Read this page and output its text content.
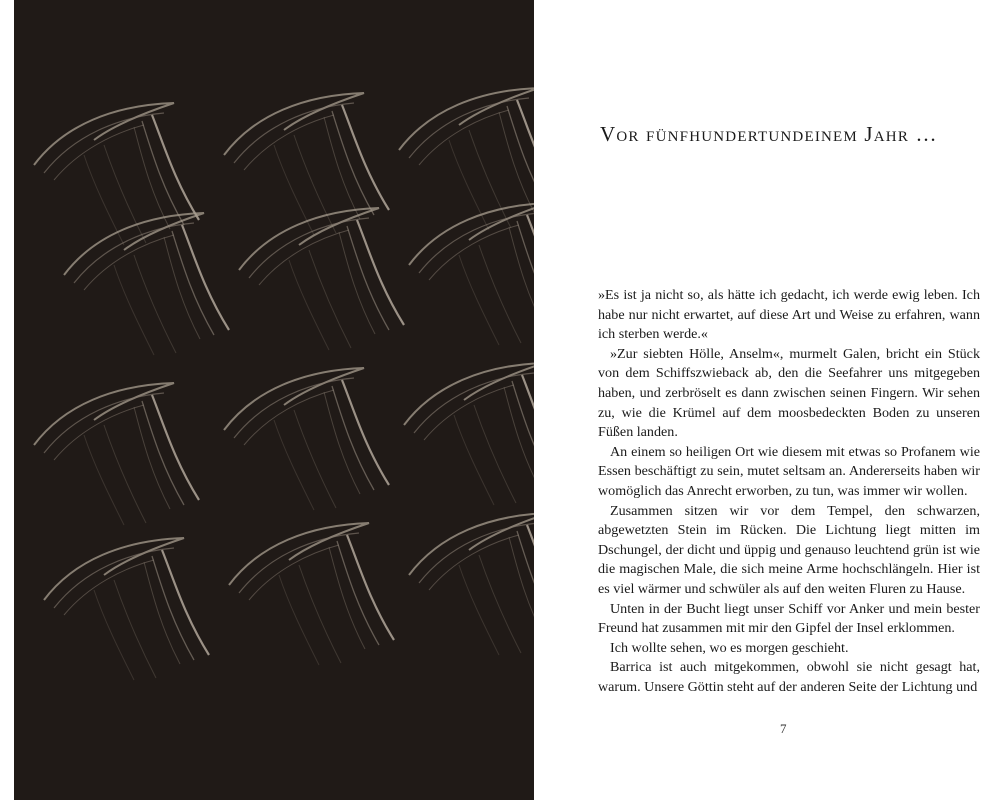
Vor fünfhundertundeinem Jahr …

»Es ist ja nicht so, als hätte ich gedacht, ich werde ewig leben. Ich habe nur nicht erwartet, auf diese Art und Weise zu erfahren, wann ich sterben werde.«

»Zur siebten Hölle, Anselm«, murmelt Galen, bricht ein Stück von dem Schiffszwieback ab, den die Seefahrer uns mitgegeben haben, und zerbröselt es dann zwischen seinen Fingern. Wir sehen zu, wie die Krümel auf dem moosbedeckten Boden zu unseren Füßen landen.

An einem so heiligen Ort wie diesem mit etwas so Profanem wie Essen beschäftigt zu sein, mutet seltsam an. Andererseits haben wir womöglich das Anrecht erworben, zu tun, was immer wir wollen.

Zusammen sitzen wir vor dem Tempel, den schwarzen, abgewetzten Stein im Rücken. Die Lichtung liegt mitten im Dschungel, der dicht und üppig und genauso leuchtend grün ist wie die magischen Male, die sich meine Arme hochschlängeln. Hier ist es viel wärmer und schwüler als auf den weiten Fluren zu Hause.

Unten in der Bucht liegt unser Schiff vor Anker und mein bester Freund hat zusammen mit mir den Gipfel der Insel erklommen.

Ich wollte sehen, wo es morgen geschieht.

Barrica ist auch mitgekommen, obwohl sie nicht gesagt hat, warum. Unsere Göttin steht auf der anderen Seite der Lichtung und

7
